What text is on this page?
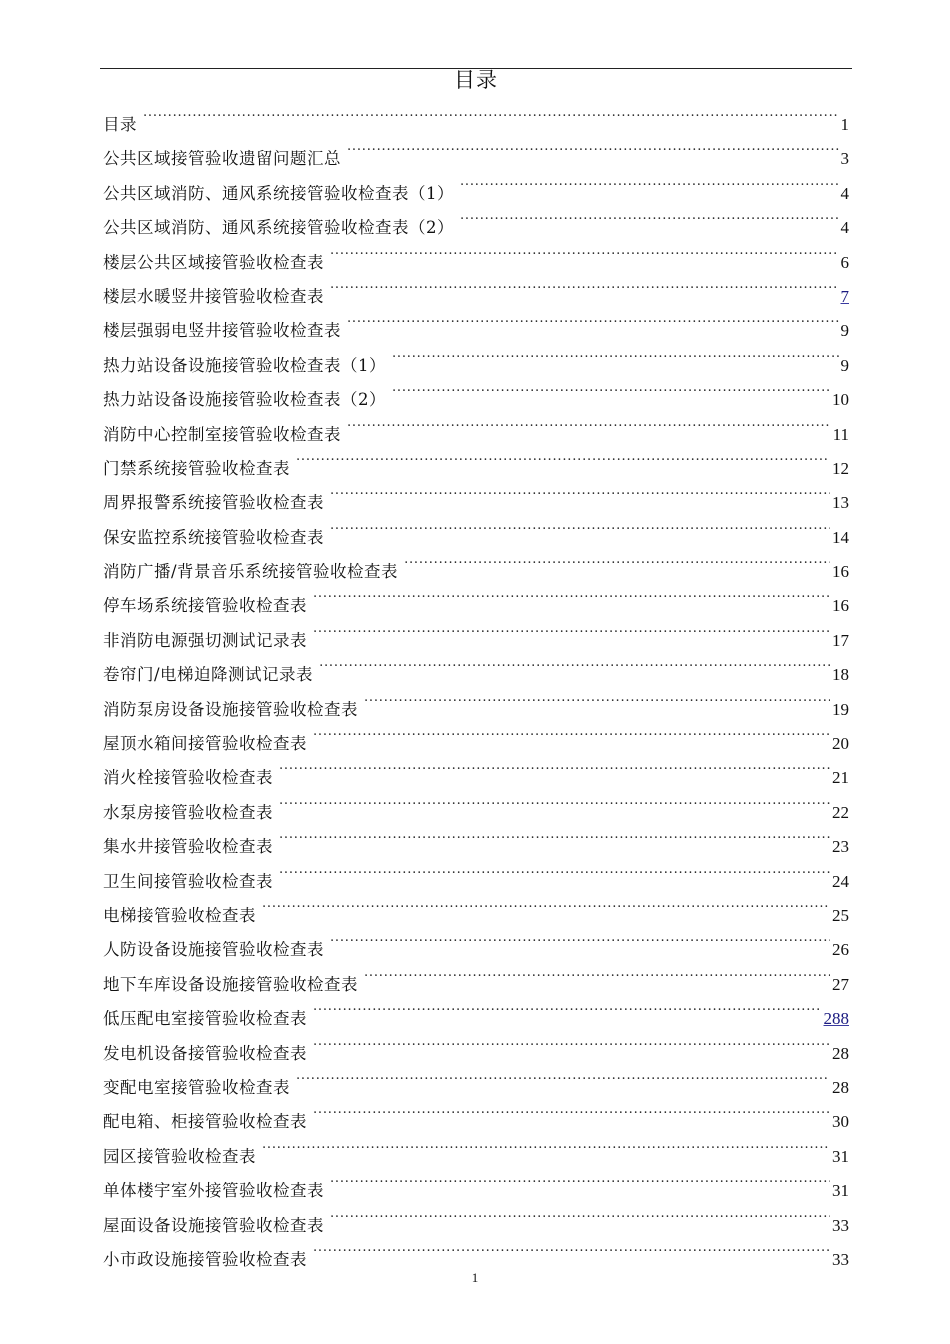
目录
目录 .....	1
公共区域接管验收遗留问题汇总 .....	3
公共区域消防、通风系统接管验收检查表（1） .....	4
公共区域消防、通风系统接管验收检查表（2） .....	4
楼层公共区域接管验收检查表 .....	6
楼层水暖竖井接管验收检查表 .....	7
楼层强弱电竖井接管验收检查表 .....	9
热力站设备设施接管验收检查表（1） .....	9
热力站设备设施接管验收检查表（2） .....	10
消防中心控制室接管验收检查表 .....	11
门禁系统接管验收检查表 .....	12
周界报警系统接管验收检查表 .....	13
保安监控系统接管验收检查表 .....	14
消防广播/背景音乐系统接管验收检查表 .....	16
停车场系统接管验收检查表 .....	16
非消防电源强切测试记录表 .....	17
卷帘门/电梯迫降测试记录表 .....	18
消防泵房设备设施接管验收检查表 .....	19
屋顶水箱间接管验收检查表 .....	20
消火栓接管验收检查表 .....	21
水泵房接管验收检查表 .....	22
集水井接管验收检查表 .....	23
卫生间接管验收检查表 .....	24
电梯接管验收检查表 .....	25
人防设备设施接管验收检查表 .....	26
地下车库设备设施接管验收检查表 .....	27
低压配电室接管验收检查表 .....	288
发电机设备接管验收检查表 .....	28
变配电室接管验收检查表 .....	28
配电箱、柜接管验收检查表 .....	30
园区接管验收检查表 .....	31
单体楼宇室外接管验收检查表 .....	31
屋面设备设施接管验收检查表 .....	33
小市政设施接管验收检查表 .....	33
1
